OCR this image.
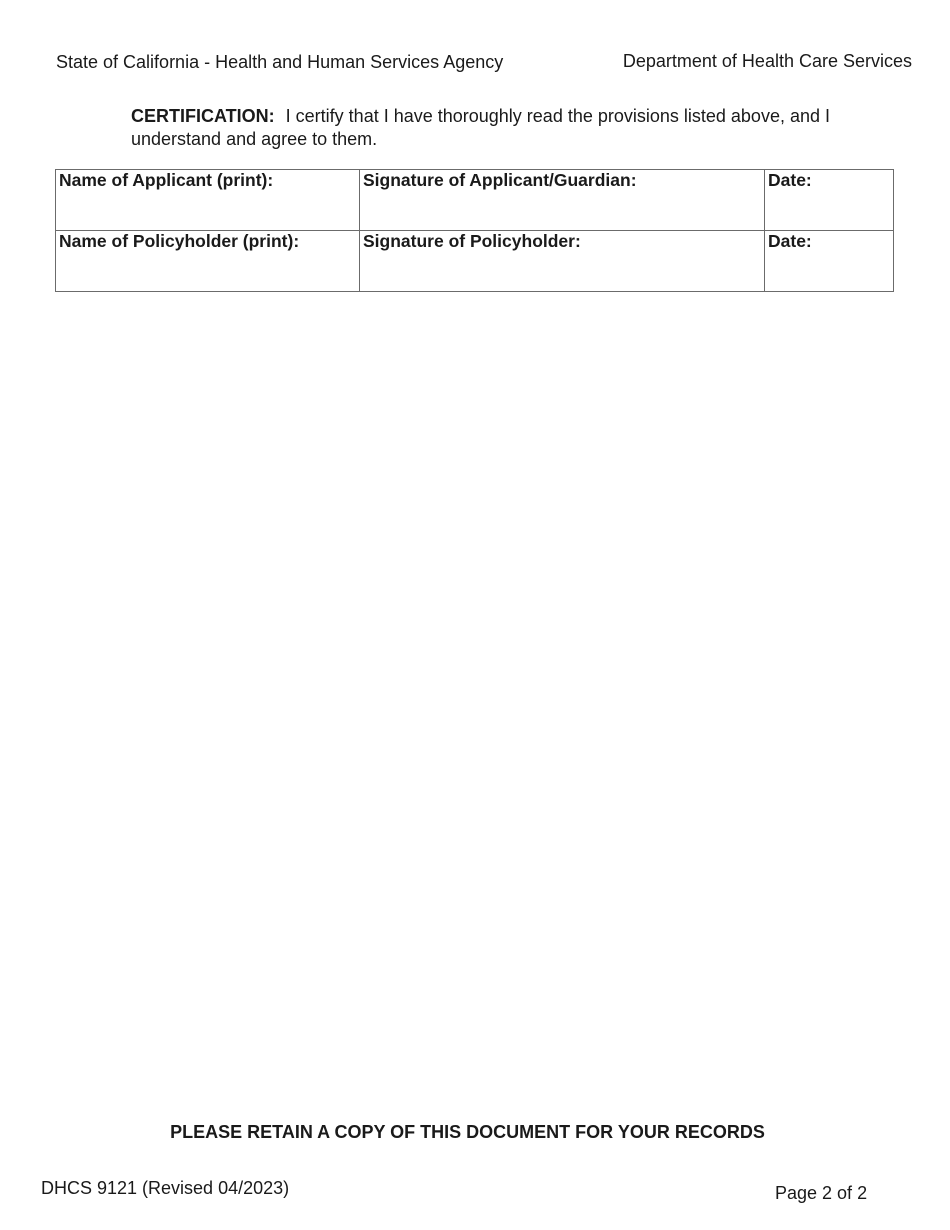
State of California - Health and Human Services Agency	Department of Health Care Services
CERTIFICATION: I certify that I have thoroughly read the provisions listed above, and I understand and agree to them.
Name of Applicant (print):	Signature of Applicant/Guardian:	Date:
Name of Policyholder (print):	Signature of Policyholder:	Date:
PLEASE RETAIN A COPY OF THIS DOCUMENT FOR YOUR RECORDS
DHCS 9121 (Revised 04/2023)	Page 2 of 2
